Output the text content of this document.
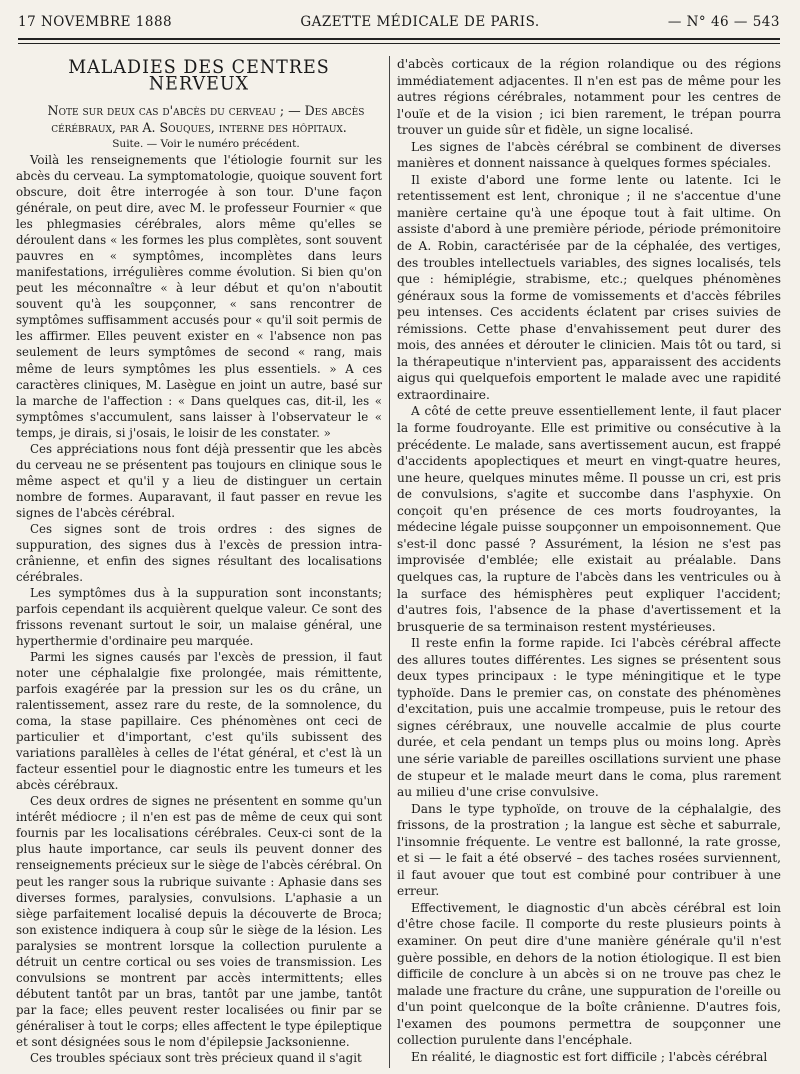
17 NOVEMBRE 1888	GAZETTE MÉDICALE DE PARIS.	— N° 46 — 543
MALADIES DES CENTRES NERVEUX

Note sur deux cas d'abcès du cerveau ; — Des abcès cérébraux, par A. Souques, interne des hôpitaux.

Suite. — Voir le numéro précédent.

Voilà les renseignements que l'étiologie fournit sur les abcès du cerveau. La symptomatologie, quoique souvent fort obscure, doit être interrogée à son tour. D'une façon générale, on peut dire, avec M. le professeur Fournier « que les phlegmasies cérébrales, alors même qu'elles se déroulent dans « les formes les plus complètes, sont souvent pauvres en « symptômes, incomplètes dans leurs manifestations, irrégulières comme évolution. Si bien qu'on peut les méconnaître « à leur début et qu'on n'aboutit souvent qu'à les soupçonner, « sans rencontrer de symptômes suffisamment accusés pour « qu'il soit permis de les affirmer. Elles peuvent exister en « l'absence non pas seulement de leurs symptômes de second « rang, mais même de leurs symptômes les plus essentiels. » A ces caractères cliniques, M. Lasègue en joint un autre, basé sur la marche de l'affection : « Dans quelques cas, dit-il, les « symptômes s'accumulent, sans laisser à l'observateur le « temps, je dirais, si j'osais, le loisir de les constater. »

Ces appréciations nous font déjà pressentir que les abcès du cerveau ne se présentent pas toujours en clinique sous le même aspect et qu'il y a lieu de distinguer un certain nombre de formes. Auparavant, il faut passer en revue les signes de l'abcès cérébral.

Ces signes sont de trois ordres : des signes de suppuration, des signes dus à l'excès de pression intra-crânienne, et enfin des signes résultant des localisations cérébrales.

Les symptômes dus à la suppuration sont inconstants; parfois cependant ils acquièrent quelque valeur. Ce sont des frissons revenant surtout le soir, un malaise général, une hyperthermie d'ordinaire peu marquée.

Parmi les signes causés par l'excès de pression, il faut noter une céphalalgie fixe prolongée, mais rémittente, parfois exagérée par la pression sur les os du crâne, un ralentissement, assez rare du reste, de la somnolence, du coma, la stase papillaire. Ces phénomènes ont ceci de particulier et d'important, c'est qu'ils subissent des variations parallèles à celles de l'état général, et c'est là un facteur essentiel pour le diagnostic entre les tumeurs et les abcès cérébraux.

Ces deux ordres de signes ne présentent en somme qu'un intérêt médiocre ; il n'en est pas de même de ceux qui sont fournis par les localisations cérébrales. Ceux-ci sont de la plus haute importance, car seuls ils peuvent donner des renseignements précieux sur le siège de l'abcès cérébral. On peut les ranger sous la rubrique suivante : Aphasie dans ses diverses formes, paralysies, convulsions. L'aphasie a un siège parfaitement localisé depuis la découverte de Broca; son existence indiquera à coup sûr le siège de la lésion. Les paralysies se montrent lorsque la collection purulente a détruit un centre cortical ou ses voies de transmission. Les convulsions se montrent par accès intermittents; elles débutent tantôt par un bras, tantôt par une jambe, tantôt par la face; elles peuvent rester localisées ou finir par se généraliser à tout le corps; elles affectent le type épileptique et sont désignées sous le nom d'épilepsie Jacksonienne.

Ces troubles spéciaux sont très précieux quand il s'agit

d'abcès corticaux de la région rolandique ou des régions immédiatement adjacentes. Il n'en est pas de même pour les autres régions cérébrales, notamment pour les centres de l'ouïe et de la vision ; ici bien rarement, le trépan pourra trouver un guide sûr et fidèle, un signe localisé.

Les signes de l'abcès cérébral se combinent de diverses manières et donnent naissance à quelques formes spéciales.

Il existe d'abord une forme lente ou latente. Ici le retentissement est lent, chronique ; il ne s'accentue d'une manière certaine qu'à une époque tout à fait ultime. On assiste d'abord à une première période, période prémonitoire de A. Robin, caractérisée par de la céphalée, des vertiges, des troubles intellectuels variables, des signes localisés, tels que : hémiplégie, strabisme, etc.; quelques phénomènes généraux sous la forme de vomissements et d'accès fébriles peu intenses. Ces accidents éclatent par crises suivies de rémissions. Cette phase d'envahissement peut durer des mois, des années et dérouter le clinicien. Mais tôt ou tard, si la thérapeutique n'intervient pas, apparaissent des accidents aigus qui quelquefois emportent le malade avec une rapidité extraordinaire.

A côté de cette preuve essentiellement lente, il faut placer la forme foudroyante. Elle est primitive ou consécutive à la précédente. Le malade, sans avertissement aucun, est frappé d'accidents apoplectiques et meurt en vingt-quatre heures, une heure, quelques minutes même. Il pousse un cri, est pris de convulsions, s'agite et succombe dans l'asphyxie. On conçoit qu'en présence de ces morts foudroyantes, la médecine légale puisse soupçonner un empoisonnement. Que s'est-il donc passé ? Assurément, la lésion ne s'est pas improvisée d'emblée; elle existait au préalable. Dans quelques cas, la rupture de l'abcès dans les ventricules ou à la surface des hémisphères peut expliquer l'accident; d'autres fois, l'absence de la phase d'avertissement et la brusquerie de sa terminaison restent mystérieuses.

Il reste enfin la forme rapide. Ici l'abcès cérébral affecte des allures toutes différentes. Les signes se présentent sous deux types principaux : le type méningitique et le type typhoïde. Dans le premier cas, on constate des phénomènes d'excitation, puis une accalmie trompeuse, puis le retour des signes cérébraux, une nouvelle accalmie de plus courte durée, et cela pendant un temps plus ou moins long. Après une série variable de pareilles oscillations survient une phase de stupeur et le malade meurt dans le coma, plus rarement au milieu d'une crise convulsive.

Dans le type typhoïde, on trouve de la céphalalgie, des frissons, de la prostration ; la langue est sèche et saburrale, l'insomnie fréquente. Le ventre est ballonné, la rate grosse, et si — le fait a été observé – des taches rosées surviennent, il faut avouer que tout est combiné pour contribuer à une erreur.

Effectivement, le diagnostic d'un abcès cérébral est loin d'être chose facile. Il comporte du reste plusieurs points à examiner. On peut dire d'une manière générale qu'il n'est guère possible, en dehors de la notion étiologique. Il est bien difficile de conclure à un abcès si on ne trouve pas chez le malade une fracture du crâne, une suppuration de l'oreille ou d'un point quelconque de la boîte crânienne. D'autres fois, l'examen des poumons permettra de soupçonner une collection purulente dans l'encéphale.

En réalité, le diagnostic est fort difficile ; l'abcès cérébral
